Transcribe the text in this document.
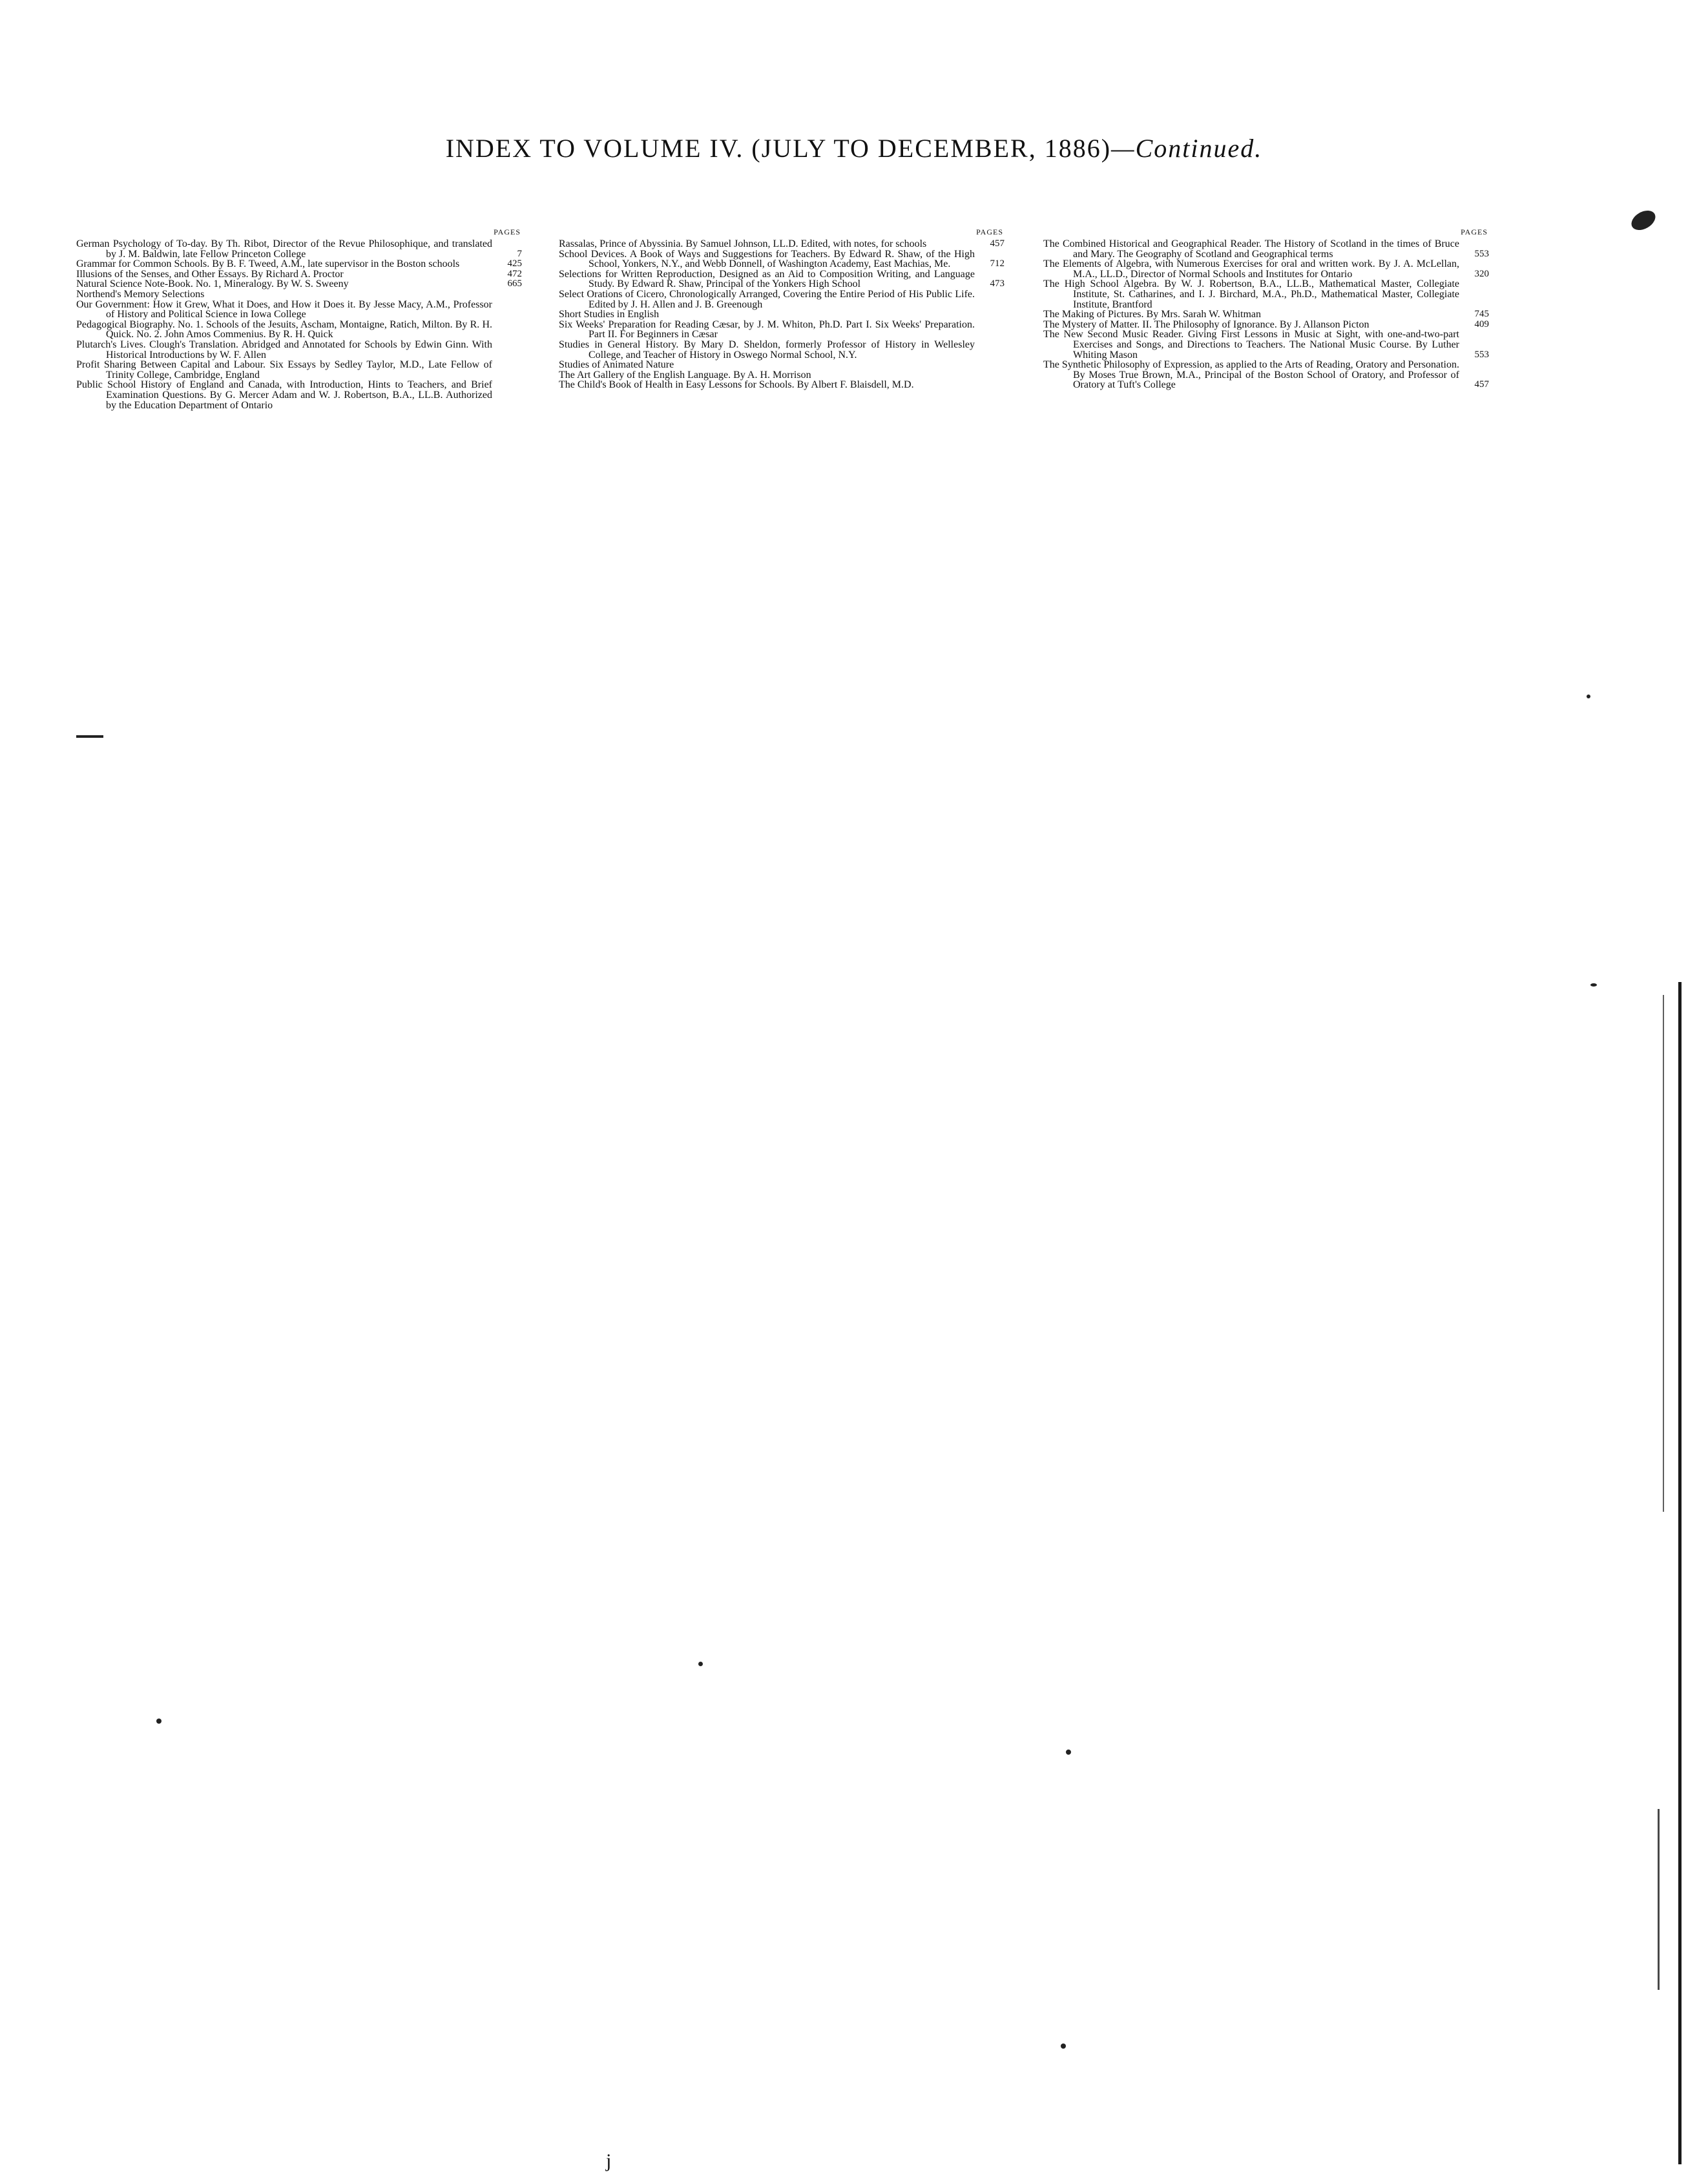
INDEX TO VOLUME IV. (JULY TO DECEMBER, 1886)—Continued.
PAGES
German Psychology of To-day. By Th. Ribot, Director of the Revue Philosophique, and translated by J. M. Baldwin, late Fellow Princeton College	7
Grammar for Common Schools. By B. F. Tweed, A.M., late supervisor in the Boston schools	425
Illusions of the Senses, and Other Essays. By Richard A. Proctor	472
Natural Science Note-Book. No. 1, Mineralogy. By W. S. Sweeny	665
Northend's Memory Selections
Our Government: How it Grew, What it Does, and How it Does it. By Jesse Macy, A.M., Professor of History and Political Science in Iowa College
Pedagogical Biography. No. 1. Schools of the Jesuits, Ascham, Montaigne, Ratich, Milton. By R. H. Quick. No. 2. John Amos Commenius. By R. H. Quick
Plutarch's Lives. Clough's Translation. Abridged and Annotated for Schools by Edwin Ginn. With Historical Introductions by W. F. Allen
Profit Sharing Between Capital and Labour. Six Essays by Sedley Taylor, M.D., Late Fellow of Trinity College, Cambridge, England
Public School History of England and Canada, with Introduction, Hints to Teachers, and Brief Examination Questions. By G. Mercer Adam and W. J. Robertson, B.A., LL.B. Authorized by the Education Department of Ontario
PAGES
Rassalas, Prince of Abyssinia. By Samuel Johnson, LL.D. Edited, with notes, for schools	457
School Devices. A Book of Ways and Suggestions for Teachers. By Edward R. Shaw, of the High School, Yonkers, N.Y., and Webb Donnell, of Washington Academy, East Machias, Me.	712
Selections for Written Reproduction, Designed as an Aid to Composition Writing, and Language Study. By Edward R. Shaw, Principal of the Yonkers High School	473
Select Orations of Cicero, Chronologically Arranged, Covering the Entire Period of His Public Life. Edited by J. H. Allen and J. B. Greenough
Short Studies in English
Six Weeks' Preparation for Reading Cæsar, by J. M. Whiton, Ph.D. Part I. Six Weeks' Preparation. Part II. For Beginners in Cæsar
Studies in General History. By Mary D. Sheldon, formerly Professor of History in Wellesley College, and Teacher of History in Oswego Normal School, N.Y.
Studies of Animated Nature
The Art Gallery of the English Language. By A. H. Morrison
The Child's Book of Health in Easy Lessons for Schools. By Albert F. Blaisdell, M.D.
PAGES
The Combined Historical and Geographical Reader. The History of Scotland in the times of Bruce and Mary. The Geography of Scotland and Geographical terms	553
The Elements of Algebra, with Numerous Exercises for oral and written work. By J. A. McLellan, M.A., LL.D., Director of Normal Schools and Institutes for Ontario	320
The High School Algebra. By W. J. Robertson, B.A., LL.B., Mathematical Master, Collegiate Institute, St. Catharines, and I. J. Birchard, M.A., Ph.D., Mathematical Master, Collegiate Institute, Brantford
The Making of Pictures. By Mrs. Sarah W. Whitman	745
The Mystery of Matter. II. The Philosophy of Ignorance. By J. Allanson Picton	409
The New Second Music Reader. Giving First Lessons in Music at Sight, with one-and-two-part Exercises and Songs, and Directions to Teachers. The National Music Course. By Luther Whiting Mason	553
The Synthetic Philosophy of Expression, as applied to the Arts of Reading, Oratory and Personation. By Moses True Brown, M.A., Principal of the Boston School of Oratory, and Professor of Oratory at Tuft's College	457
j
